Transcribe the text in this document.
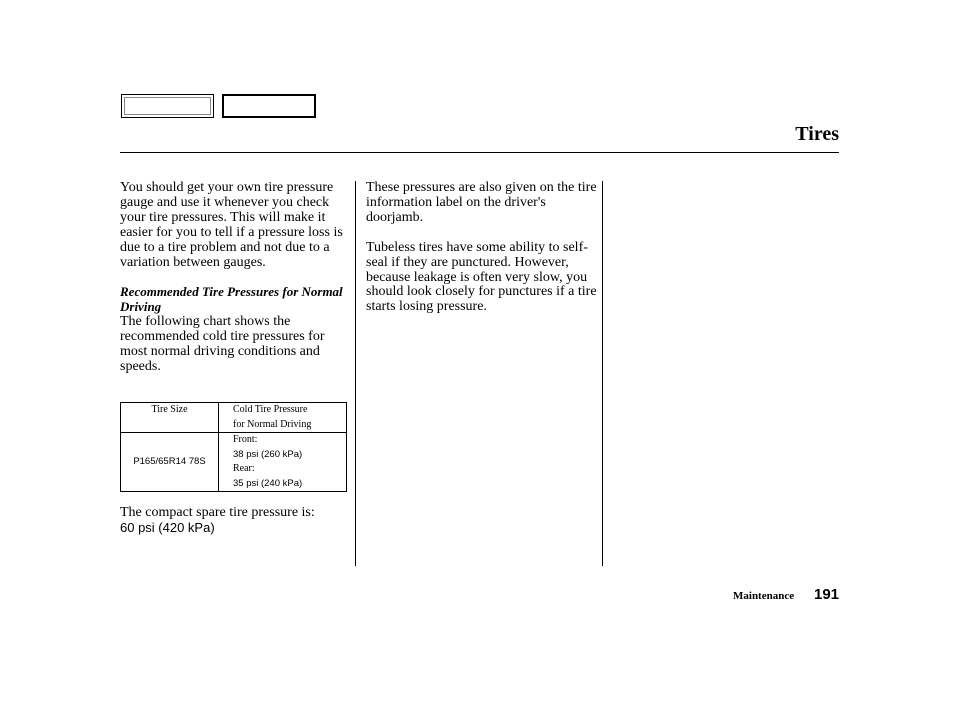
Tires

You should get your own tire pressure gauge and use it whenever you check your tire pressures. This will make it easier for you to tell if a pressure loss is due to a tire problem and not due to a variation between gauges.

Recommended Tire Pressures for Normal Driving

The following chart shows the recommended cold tire pressures for most normal driving conditions and speeds.

Tire Size	Cold Tire Pressure
for Normal Driving

P165/65R14 78S	Front:
38 psi (260 kPa)
Rear:
35 psi (240 kPa)
The compact spare tire pressure is:
60 psi (420 kPa)

These pressures are also given on the tire information label on the driver's doorjamb.

Tubeless tires have some ability to self-seal if they are punctured. However, because leakage is often very slow, you should look closely for punctures if a tire starts losing pressure.

Maintenance 191
